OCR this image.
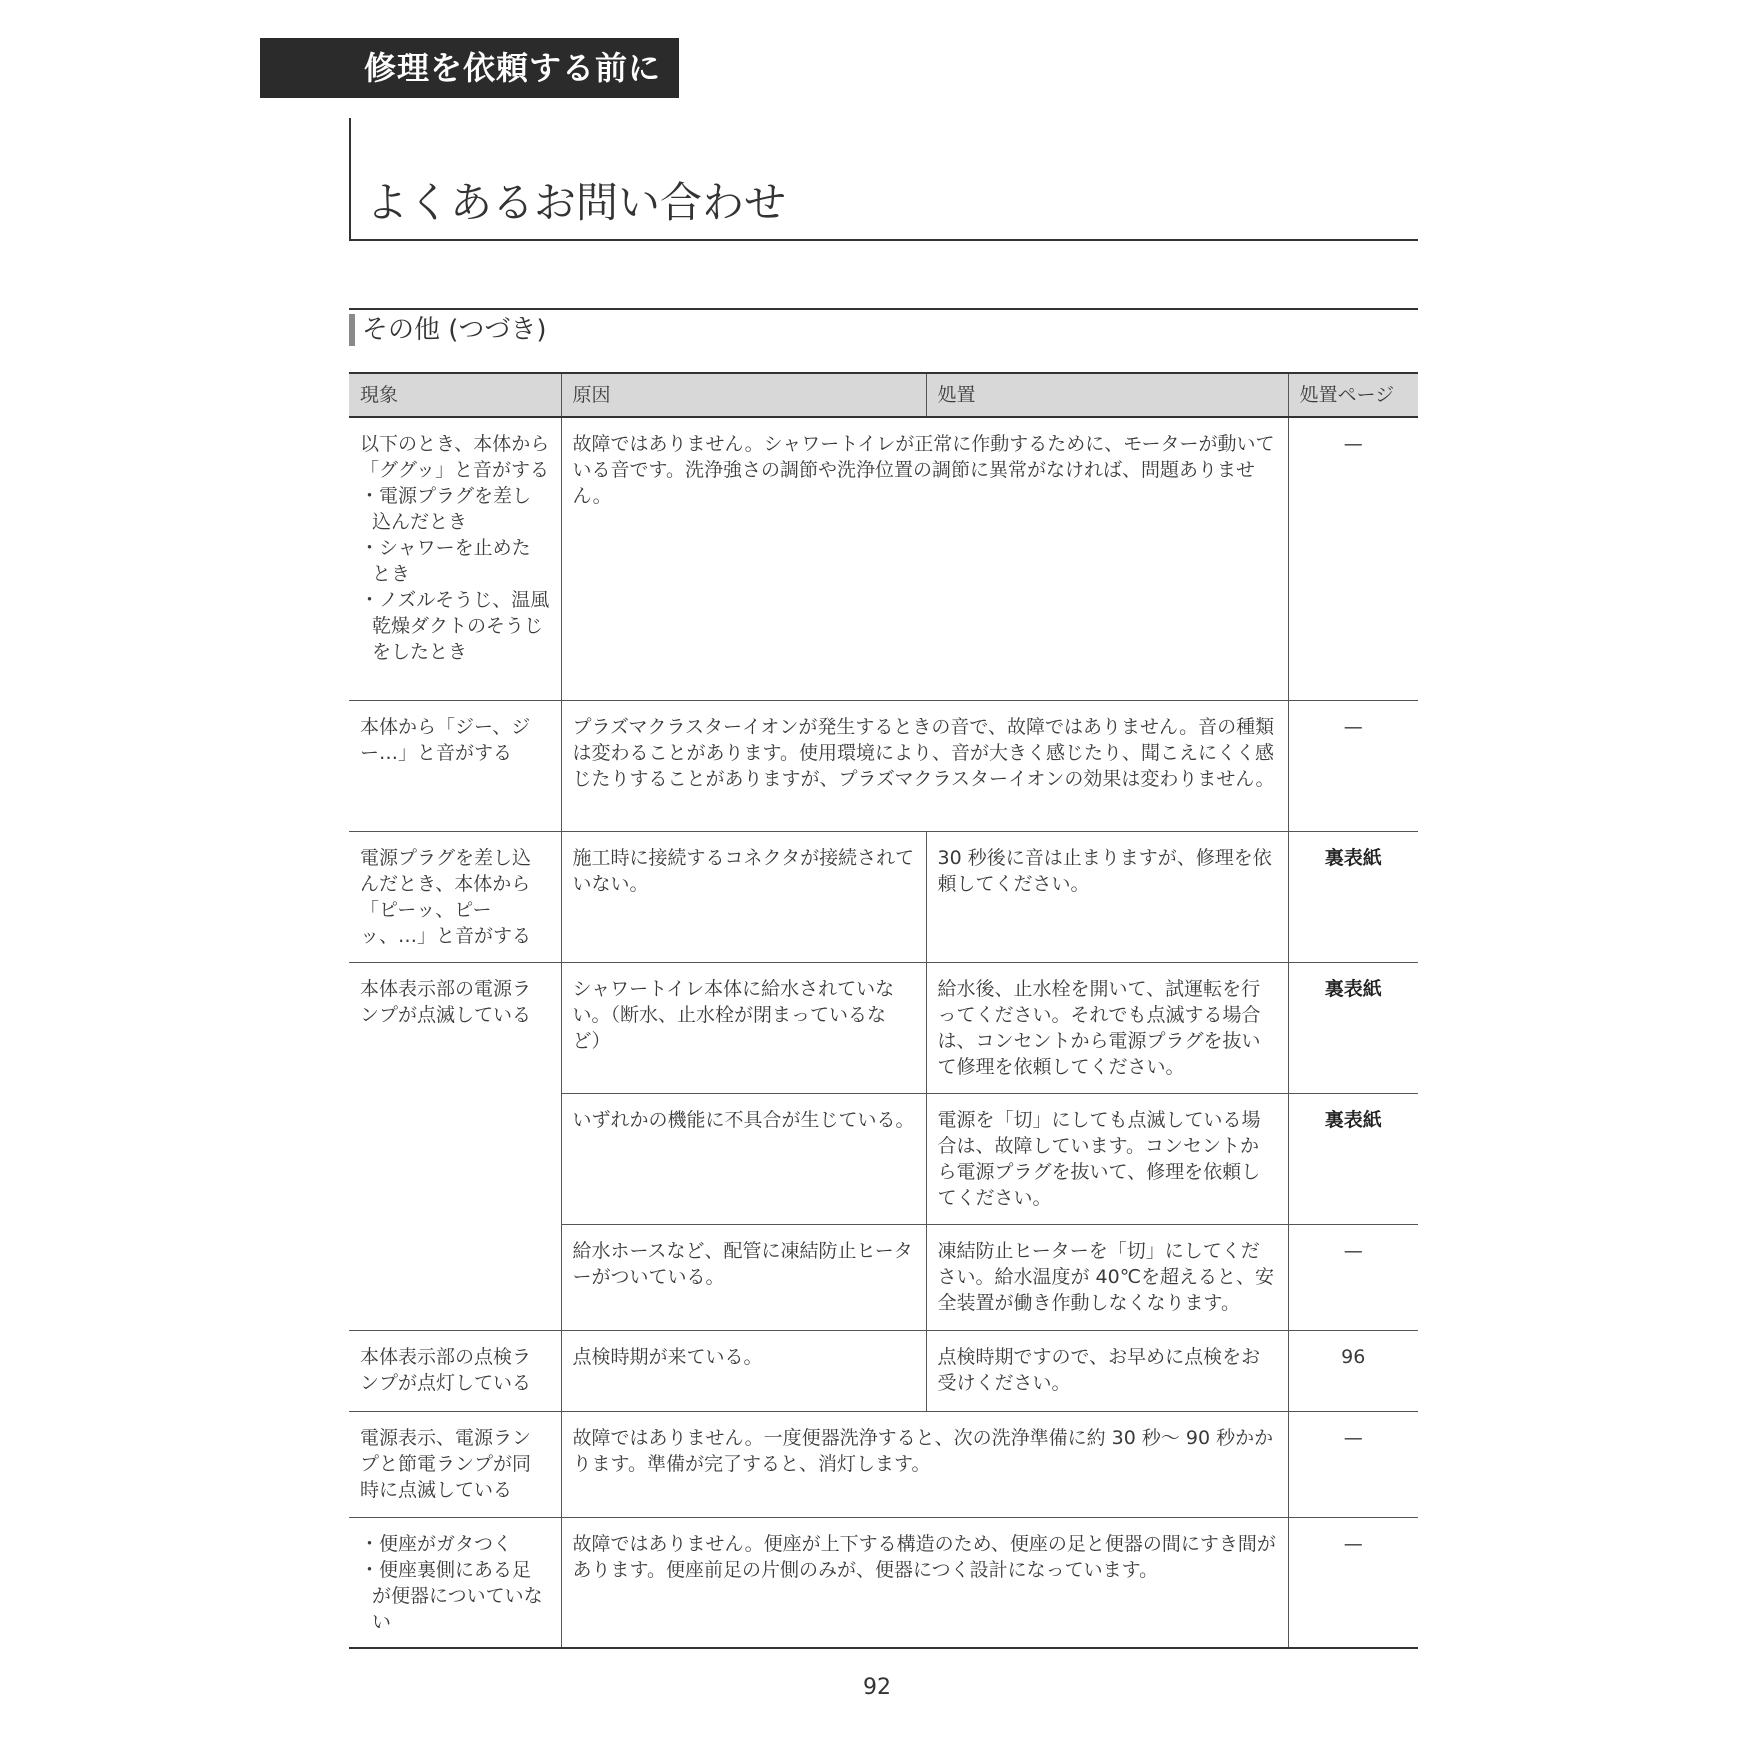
修理を依頼する前に
よくあるお問い合わせ
その他 (つづき)
現象	原因	処置	処置ページ

以下のとき、本体から「ググッ」と音がする
・電源プラグを差し込んだとき
・シャワーを止めたとき
・ノズルそうじ、温風乾燥ダクトのそうじをしたとき	故障ではありません。シャワートイレが正常に作動するために、モーターが動いている音です。洗浄強さの調節や洗浄位置の調節に異常がなければ、問題ありません。		—

本体から「ジー、ジー…」と音がする	プラズマクラスターイオンが発生するときの音で、故障ではありません。音の種類は変わることがあります。使用環境により、音が大きく感じたり、聞こえにくく感じたりすることがありますが、プラズマクラスターイオンの効果は変わりません。		—

電源プラグを差し込んだとき、本体から「ピーッ、ピーッ、…」と音がする	施工時に接続するコネクタが接続されていない。	30 秒後に音は止まりますが、修理を依頼してください。	裏表紙

本体表示部の電源ランプが点滅している	シャワートイレ本体に給水されていない。（断水、止水栓が閉まっているなど）	給水後、止水栓を開いて、試運転を行ってください。それでも点滅する場合は、コンセントから電源プラグを抜いて修理を依頼してください。	裏表紙
	いずれかの機能に不具合が生じている。	電源を「切」にしても点滅している場合は、故障しています。コンセントから電源プラグを抜いて、修理を依頼してください。	裏表紙
	給水ホースなど、配管に凍結防止ヒーターがついている。	凍結防止ヒーターを「切」にしてください。給水温度が 40℃を超えると、安全装置が働き作動しなくなります。	—

本体表示部の点検ランプが点灯している	点検時期が来ている。	点検時期ですので、お早めに点検をお受けください。	96

電源表示、電源ランプと節電ランプが同時に点滅している	故障ではありません。一度便器洗浄すると、次の洗浄準備に約 30 秒〜 90 秒かかります。準備が完了すると、消灯します。		—

・便座がガタつく
・便座裏側にある足が便器についていない	故障ではありません。便座が上下する構造のため、便座の足と便器の間にすき間があります。便座前足の片側のみが、便器につく設計になっています。		—
92
